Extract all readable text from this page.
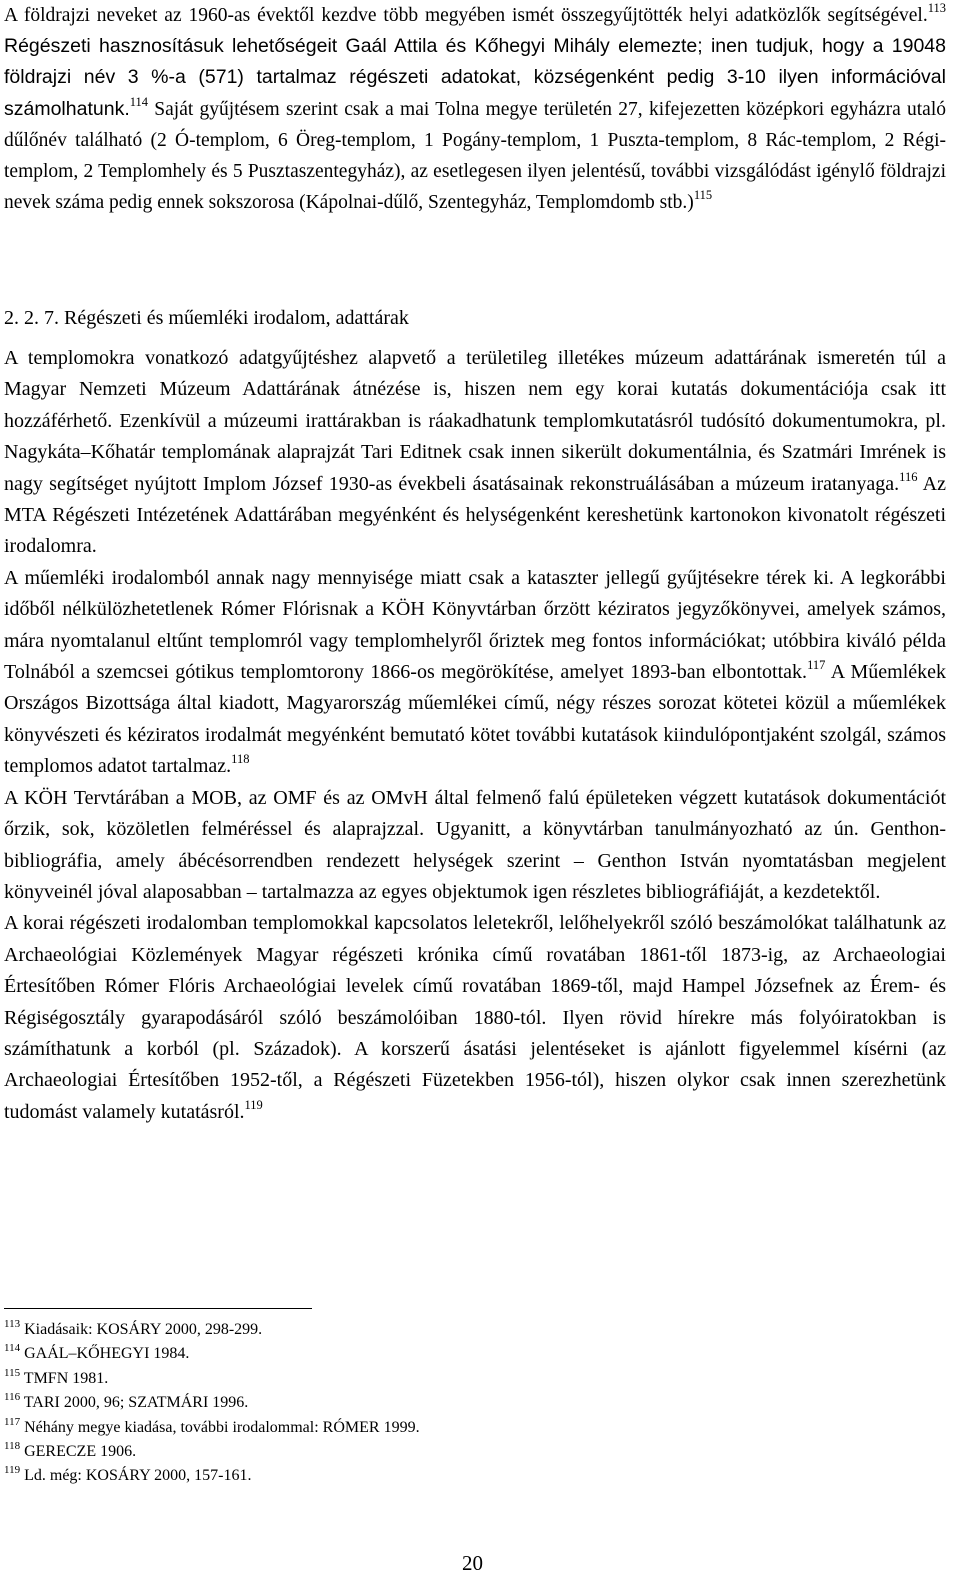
A földrajzi neveket az 1960-as évektől kezdve több megyében ismét összegyűjtötték helyi adatközlők segítségével.$^{113}$ Régészeti hasznosításuk lehetőségeit Gaál Attila és Kőhegyi Mihály elemezte; inen tudjuk, hogy a 19048 földrajzi név 3 %-a (571) tartalmaz régészeti adatokat, községenként pedig 3-10 ilyen információval számolhatunk.$^{114}$ Saját gyűjtésem szerint csak a mai Tolna megye területén 27, kifejezetten középkori egyházra utaló dűlőnév található (2 Ó-templom, 6 Öreg-templom, 1 Pogány-templom, 1 Puszta-templom, 8 Rác-templom, 2 Régi-templom, 2 Templomhely és 5 Pusztaszentegyház), az esetlegesen ilyen jelentésű, további vizsgálódást igénylő földrajzi nevek száma pedig ennek sokszorosa (Kápolnai-dűlő, Szentegyház, Templomdomb stb.)$^{115}$

2. 2. 7. Régészeti és műemléki irodalom, adattárak

A templomokra vonatkozó adatgyűjtéshez alapvető a területileg illetékes múzeum adattárának ismeretén túl a Magyar Nemzeti Múzeum Adattárának átnézése is, hiszen nem egy korai kutatás dokumentációja csak itt hozzáférhető. Ezenkívül a múzeumi irattárakban is ráakadhatunk templomkutatásról tudósító dokumentumokra, pl. Nagykáta–Kőhatár templomának alaprajzát Tari Editnek csak innen sikerült dokumentálnia, és Szatmári Imrének is nagy segítséget nyújtott Implom József 1930-as évekbeli ásatásainak rekonstruálásában a múzeum iratanyaga.$^{116}$ Az MTA Régészeti Intézetének Adattárában megyénként és helységenként kereshetünk kartonokon kivonatolt régészeti irodalomra.

A műemléki irodalomból annak nagy mennyisége miatt csak a kataszter jellegű gyűjtésekre térek ki. A legkorábbi időből nélkülözhetetlenek Rómer Flórisnak a KÖH Könyvtárban őrzött kéziratos jegyzőkönyvei, amelyek számos, mára nyomtalanul eltűnt templomról vagy templomhelyről őriztek meg fontos információkat; utóbbira kiváló példa Tolnából a szemcsei gótikus templomtorony 1866-os megörökítése, amelyet 1893-ban elbontottak.$^{117}$ A Műemlékek Országos Bizottsága által kiadott, Magyarország műemlékei című, négy részes sorozat kötetei közül a műemlékek könyvészeti és kéziratos irodalmát megyénként bemutató kötet további kutatások kiindulópontjaként szolgál, számos templomos adatot tartalmaz.$^{118}$

A KÖH Tervtárában a MOB, az OMF és az OMvH által felmenő falú épületeken végzett kutatások dokumentációt őrzik, sok, közöletlen felméréssel és alaprajzzal. Ugyanitt, a könyvtárban tanulmányozható az ún. Genthon-bibliográfia, amely ábécésorrendben rendezett helységek szerint – Genthon István nyomtatásban megjelent könyveinél jóval alaposabban – tartalmazza az egyes objektumok igen részletes bibliográfiáját, a kezdetektől.

A korai régészeti irodalomban templomokkal kapcsolatos leletekről, lelőhelyekről szóló beszámolókat találhatunk az Archaeológiai Közlemények Magyar régészeti krónika című rovatában 1861-től 1873-ig, az Archaeologiai Értesítőben Rómer Flóris Archaeológiai levelek című rovatában 1869-től, majd Hampel Józsefnek az Érem- és Régiségosztály gyarapodásáról szóló beszámolóiban 1880-tól. Ilyen rövid hírekre más folyóiratokban is számíthatunk a korból (pl. Századok). A korszerű ásatási jelentéseket is ajánlott figyelemmel kísérni (az Archaeologiai Értesítőben 1952-től, a Régészeti Füzetekben 1956-tól), hiszen olykor csak innen szerezhetünk tudomást valamely kutatásról.$^{119}$

$^{113}$ Kiadásaik: KOSÁRY 2000, 298-299.

$^{114}$ GAÁL–KŐHEGYI 1984.

$^{115}$ TMFN 1981.

$^{116}$ TARI 2000, 96; SZATMÁRI 1996.

$^{117}$ Néhány megye kiadása, további irodalommal: RÓMER 1999.

$^{118}$ GERECZE 1906.

$^{119}$ Ld. még: KOSÁRY 2000, 157-161.

20
